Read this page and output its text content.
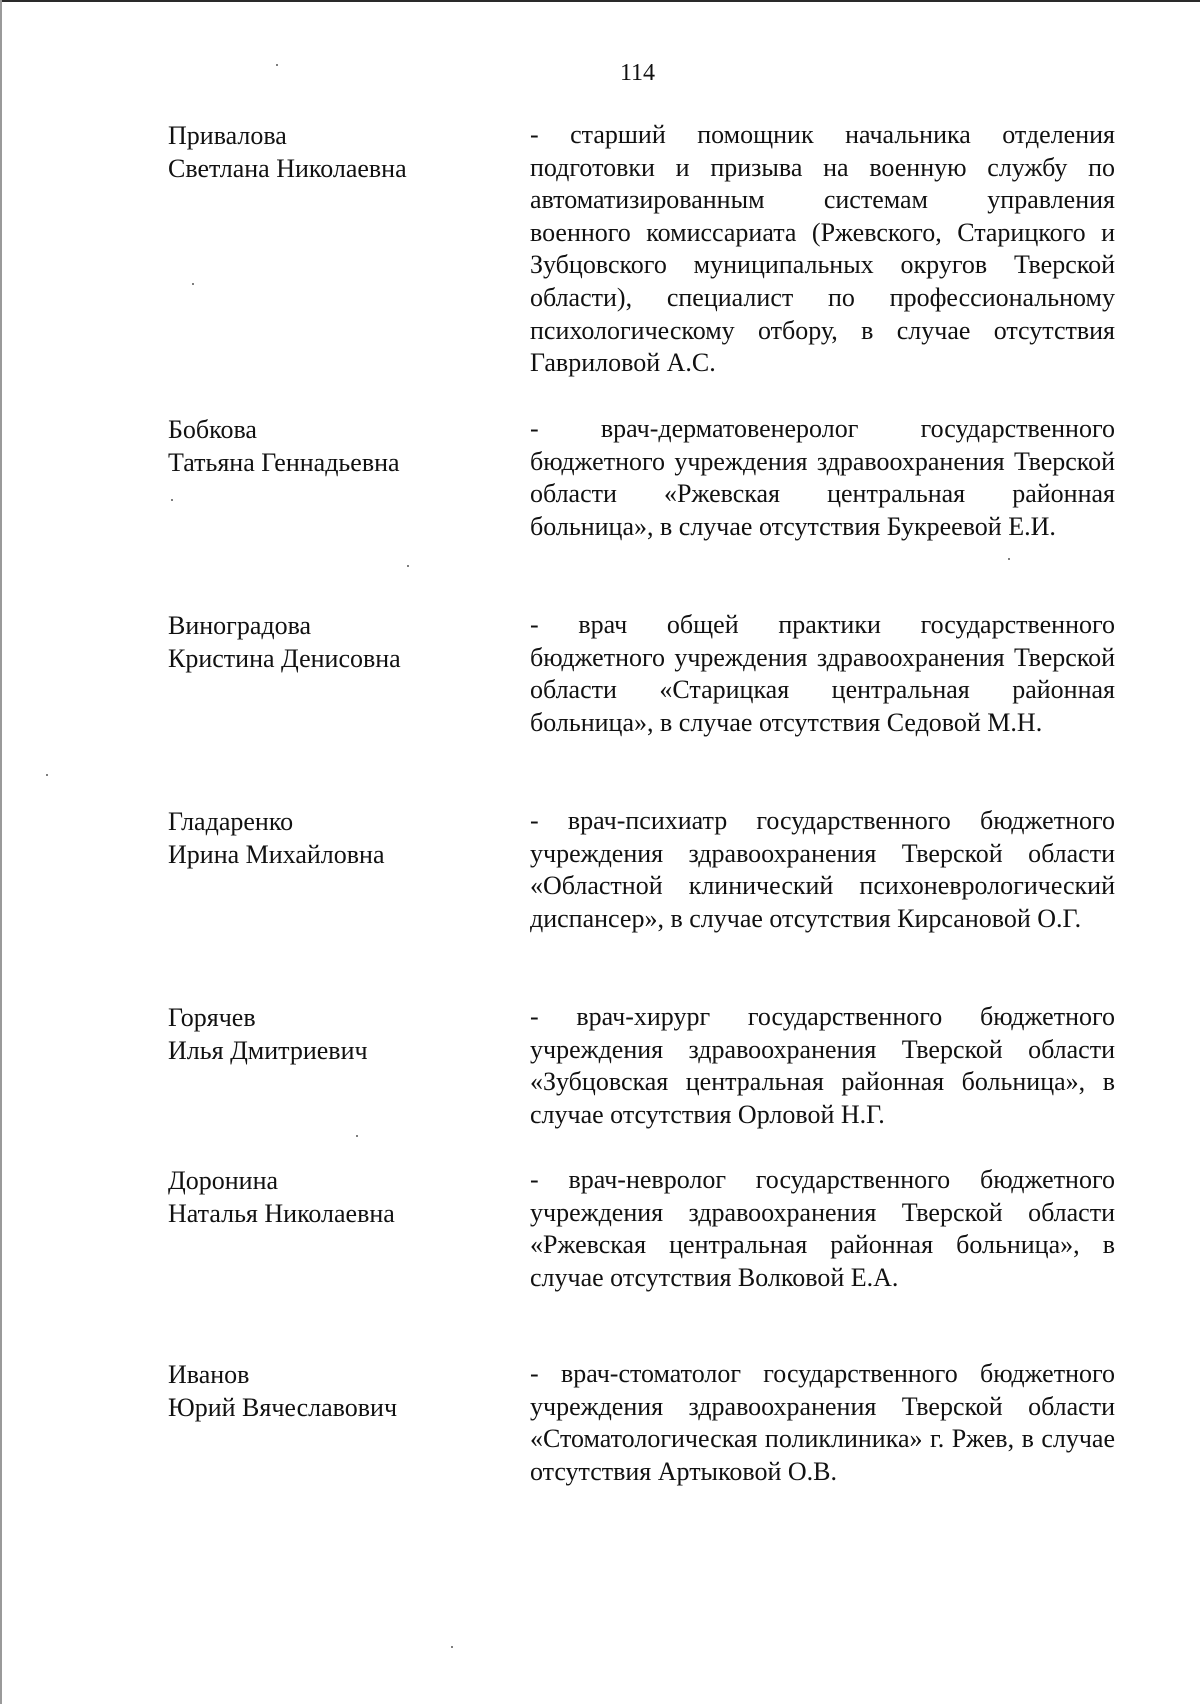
114
Привалова
Светлана Николаевна
- старший помощник начальника отделения подготовки и призыва на военную службу по автоматизированным системам управления военного комиссариата (Ржевского, Старицкого и Зубцовского муниципальных округов Тверской области), специалист по профессиональному психологическому отбору, в случае отсутствия Гавриловой А.С.
Бобкова
Татьяна Геннадьевна
- врач-дерматовенеролог государственного бюджетного учреждения здравоохранения Тверской области «Ржевская центральная районная больница», в случае отсутствия Букреевой Е.И.
Виноградова
Кристина Денисовна
- врач общей практики государственного бюджетного учреждения здравоохранения Тверской области «Старицкая центральная районная больница», в случае отсутствия Седовой М.Н.
Гладаренко
Ирина Михайловна
- врач-психиатр государственного бюджетного учреждения здравоохранения Тверской области «Областной клинический психоневрологический диспансер», в случае отсутствия Кирсановой О.Г.
Горячев
Илья Дмитриевич
- врач-хирург государственного бюджетного учреждения здравоохранения Тверской области «Зубцовская центральная районная больница», в случае отсутствия Орловой Н.Г.
Доронина
Наталья Николаевна
- врач-невролог государственного бюджетного учреждения здравоохранения Тверской области «Ржевская центральная районная больница», в случае отсутствия Волковой Е.А.
Иванов
Юрий Вячеславович
- врач-стоматолог государственного бюджетного учреждения здравоохранения Тверской области «Стоматологическая поликлиника» г. Ржев, в случае отсутствия Артыковой О.В.
